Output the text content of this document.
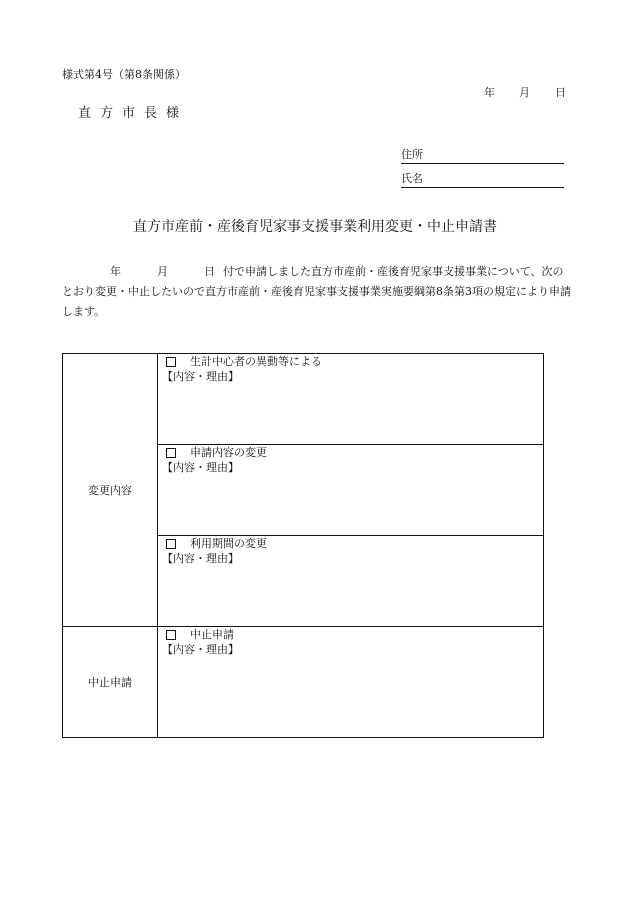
様式第4号（第8条関係）
年 月 日
直方市長様
住所
氏名
直方市産前・産後育児家事支援事業利用変更・中止申請書
年	月	日 付で申請しました直方市産前・産後育児家事支援事業について、次のとおり変更・中止したいので直方市産前・産後育児家事支援事業実施要綱第8条第3項の規定により申請します。
変更内容	生計中心者の異動等による
【内容・理由】

	申請内容の変更
【内容・理由】

	利用期間の変更
【内容・理由】

中止申請	中止申請
【内容・理由】
